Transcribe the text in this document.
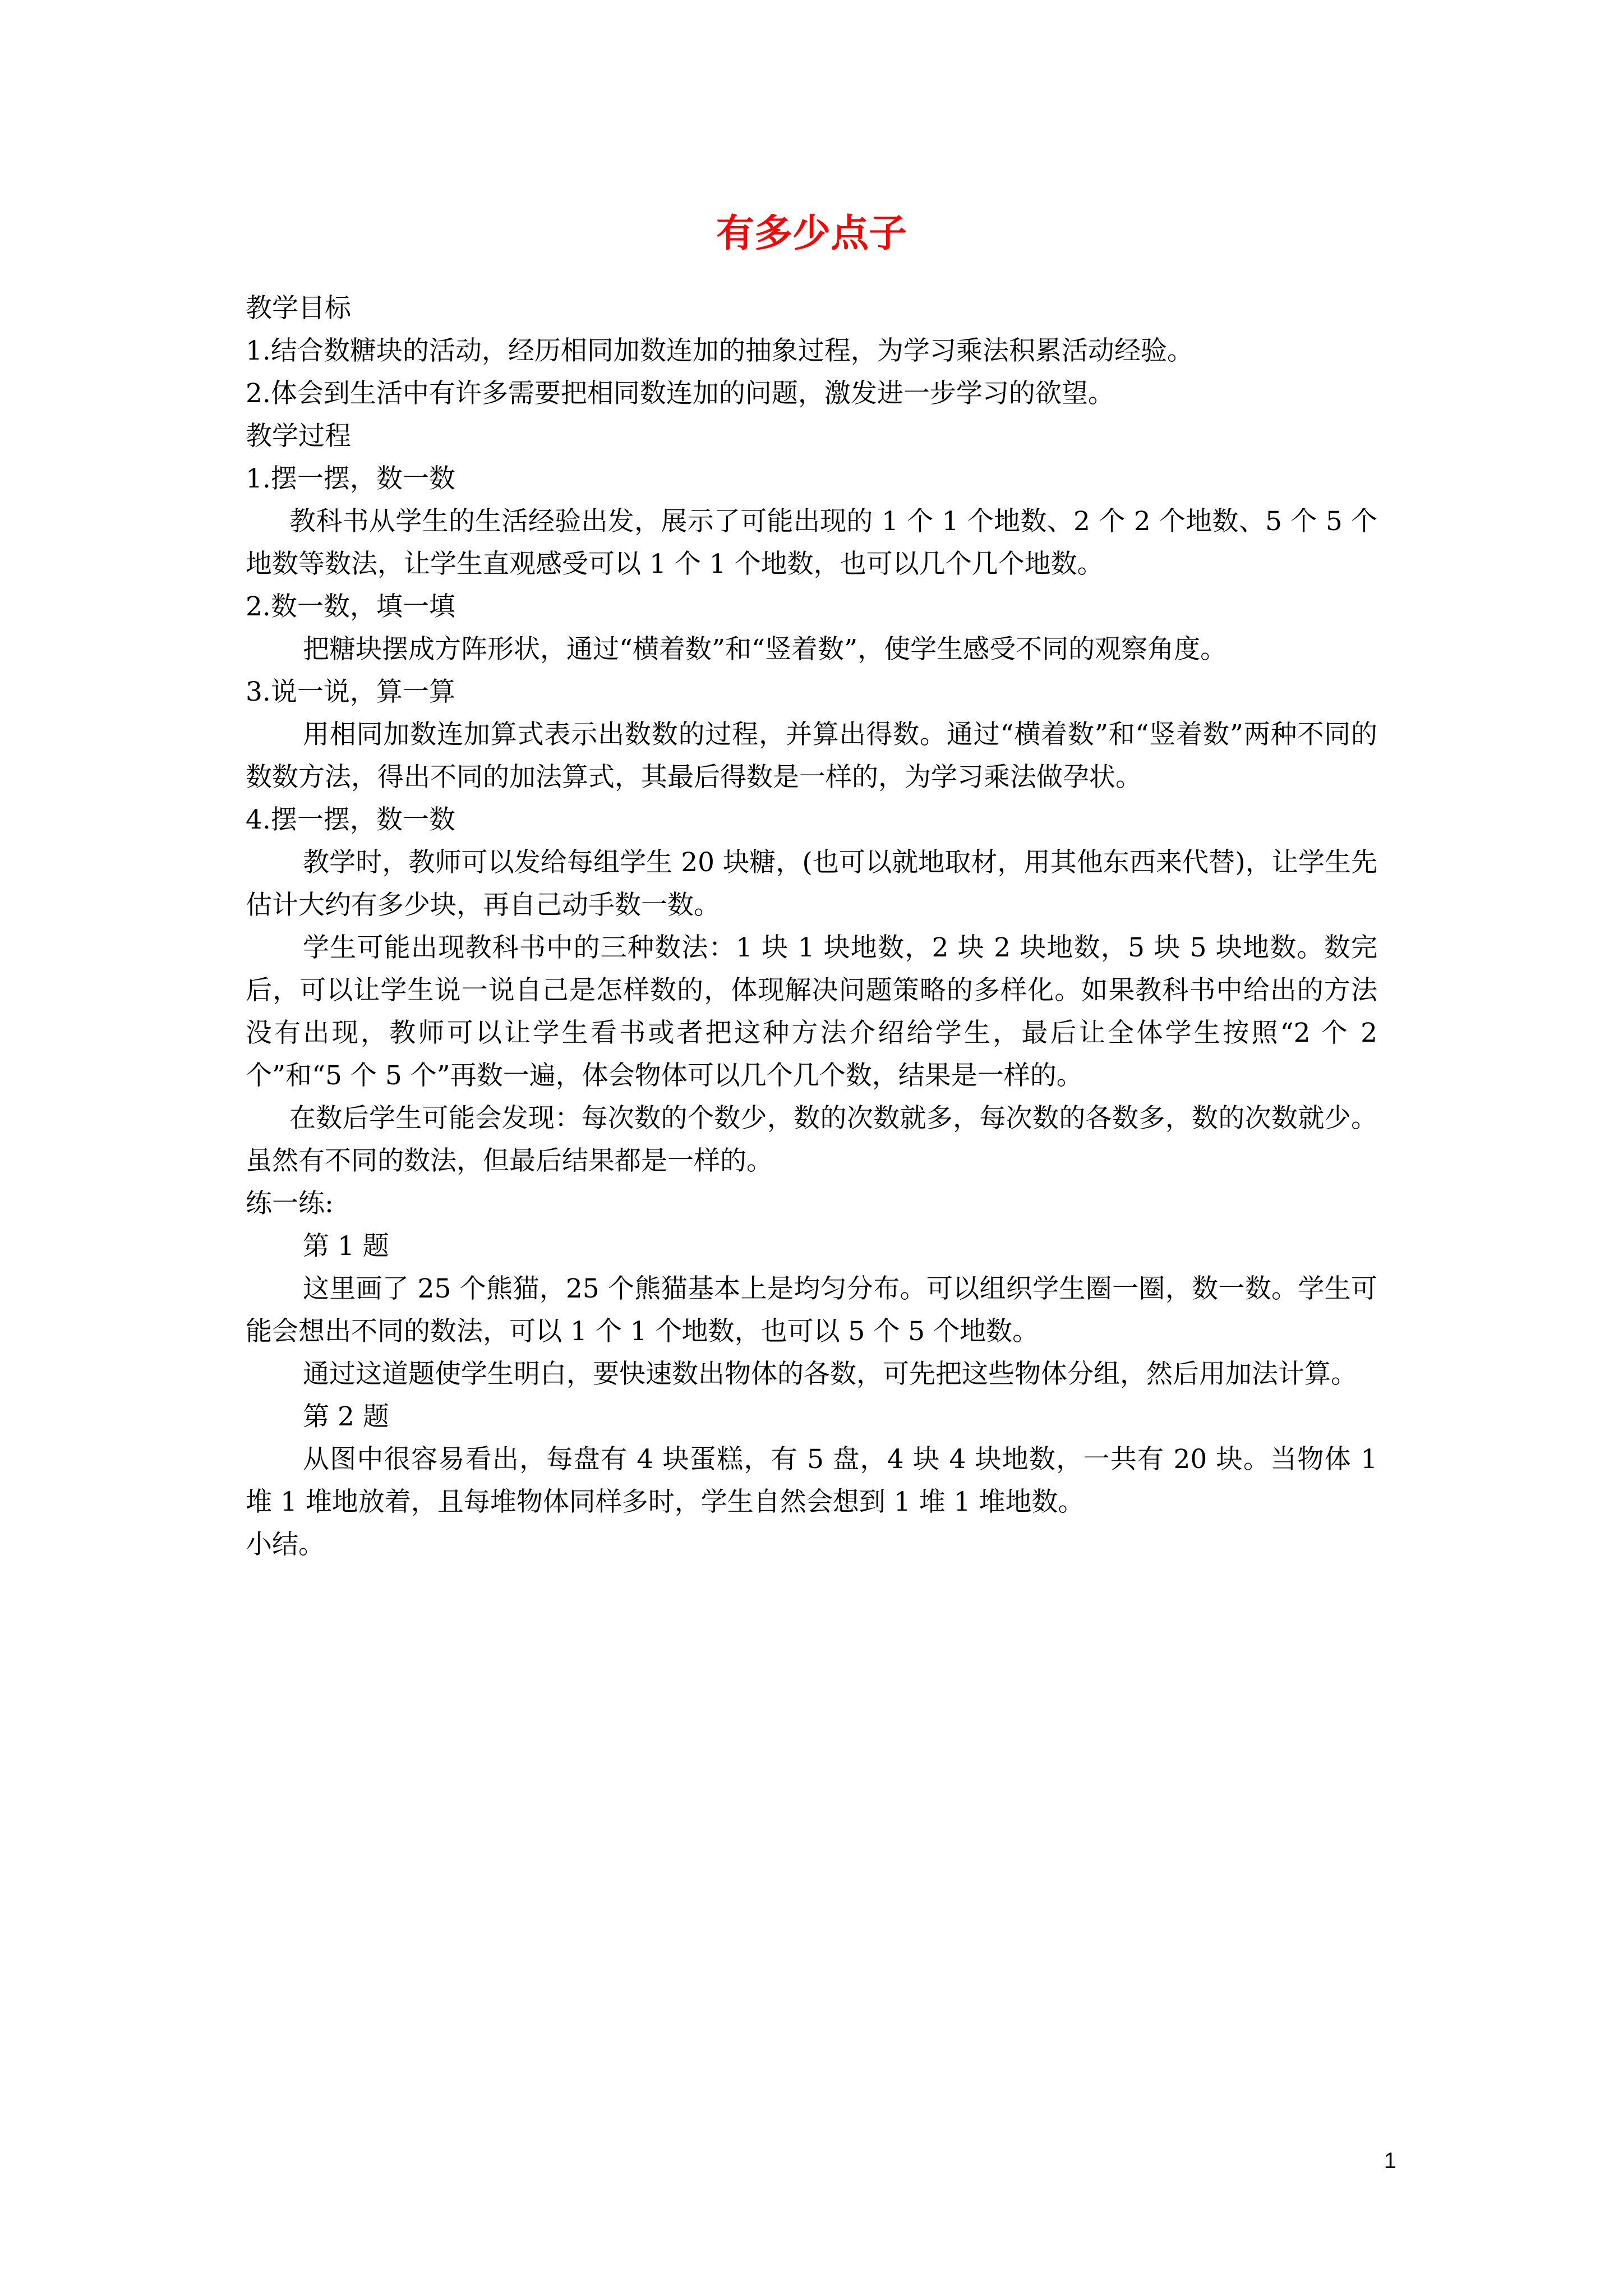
有多少点子

教学目标

1.结合数糖块的活动，经历相同加数连加的抽象过程，为学习乘法积累活动经验。

2.体会到生活中有许多需要把相同数连加的问题，激发进一步学习的欲望。

教学过程

1.摆一摆，数一数

教科书从学生的生活经验出发，展示了可能出现的 1 个 1 个地数、2 个 2 个地数、5 个 5 个地数等数法，让学生直观感受可以 1 个 1 个地数，也可以几个几个地数。

2.数一数，填一填

把糖块摆成方阵形状，通过“横着数”和“竖着数”，使学生感受不同的观察角度。

3.说一说，算一算

用相同加数连加算式表示出数数的过程，并算出得数。通过“横着数”和“竖着数”两种不同的数数方法，得出不同的加法算式，其最后得数是一样的，为学习乘法做孕状。

4.摆一摆，数一数

教学时，教师可以发给每组学生 20 块糖，(也可以就地取材，用其他东西来代替)，让学生先估计大约有多少块，再自己动手数一数。

学生可能出现教科书中的三种数法：1 块 1 块地数，2 块 2 块地数，5 块 5 块地数。数完后，可以让学生说一说自己是怎样数的，体现解决问题策略的多样化。如果教科书中给出的方法没有出现，教师可以让学生看书或者把这种方法介绍给学生，最后让全体学生按照“2 个 2 个”和“5 个 5 个”再数一遍，体会物体可以几个几个数，结果是一样的。

在数后学生可能会发现：每次数的个数少，数的次数就多，每次数的各数多，数的次数就少。虽然有不同的数法，但最后结果都是一样的。

练一练:

第 1 题

这里画了 25 个熊猫，25 个熊猫基本上是均匀分布。可以组织学生圈一圈，数一数。学生可能会想出不同的数法，可以 1 个 1 个地数，也可以 5 个 5 个地数。

通过这道题使学生明白，要快速数出物体的各数，可先把这些物体分组，然后用加法计算。

第 2 题

从图中很容易看出，每盘有 4 块蛋糕，有 5 盘，4 块 4 块地数，一共有 20 块。当物体 1 堆 1 堆地放着，且每堆物体同样多时，学生自然会想到 1 堆 1 堆地数。

小结。

1
